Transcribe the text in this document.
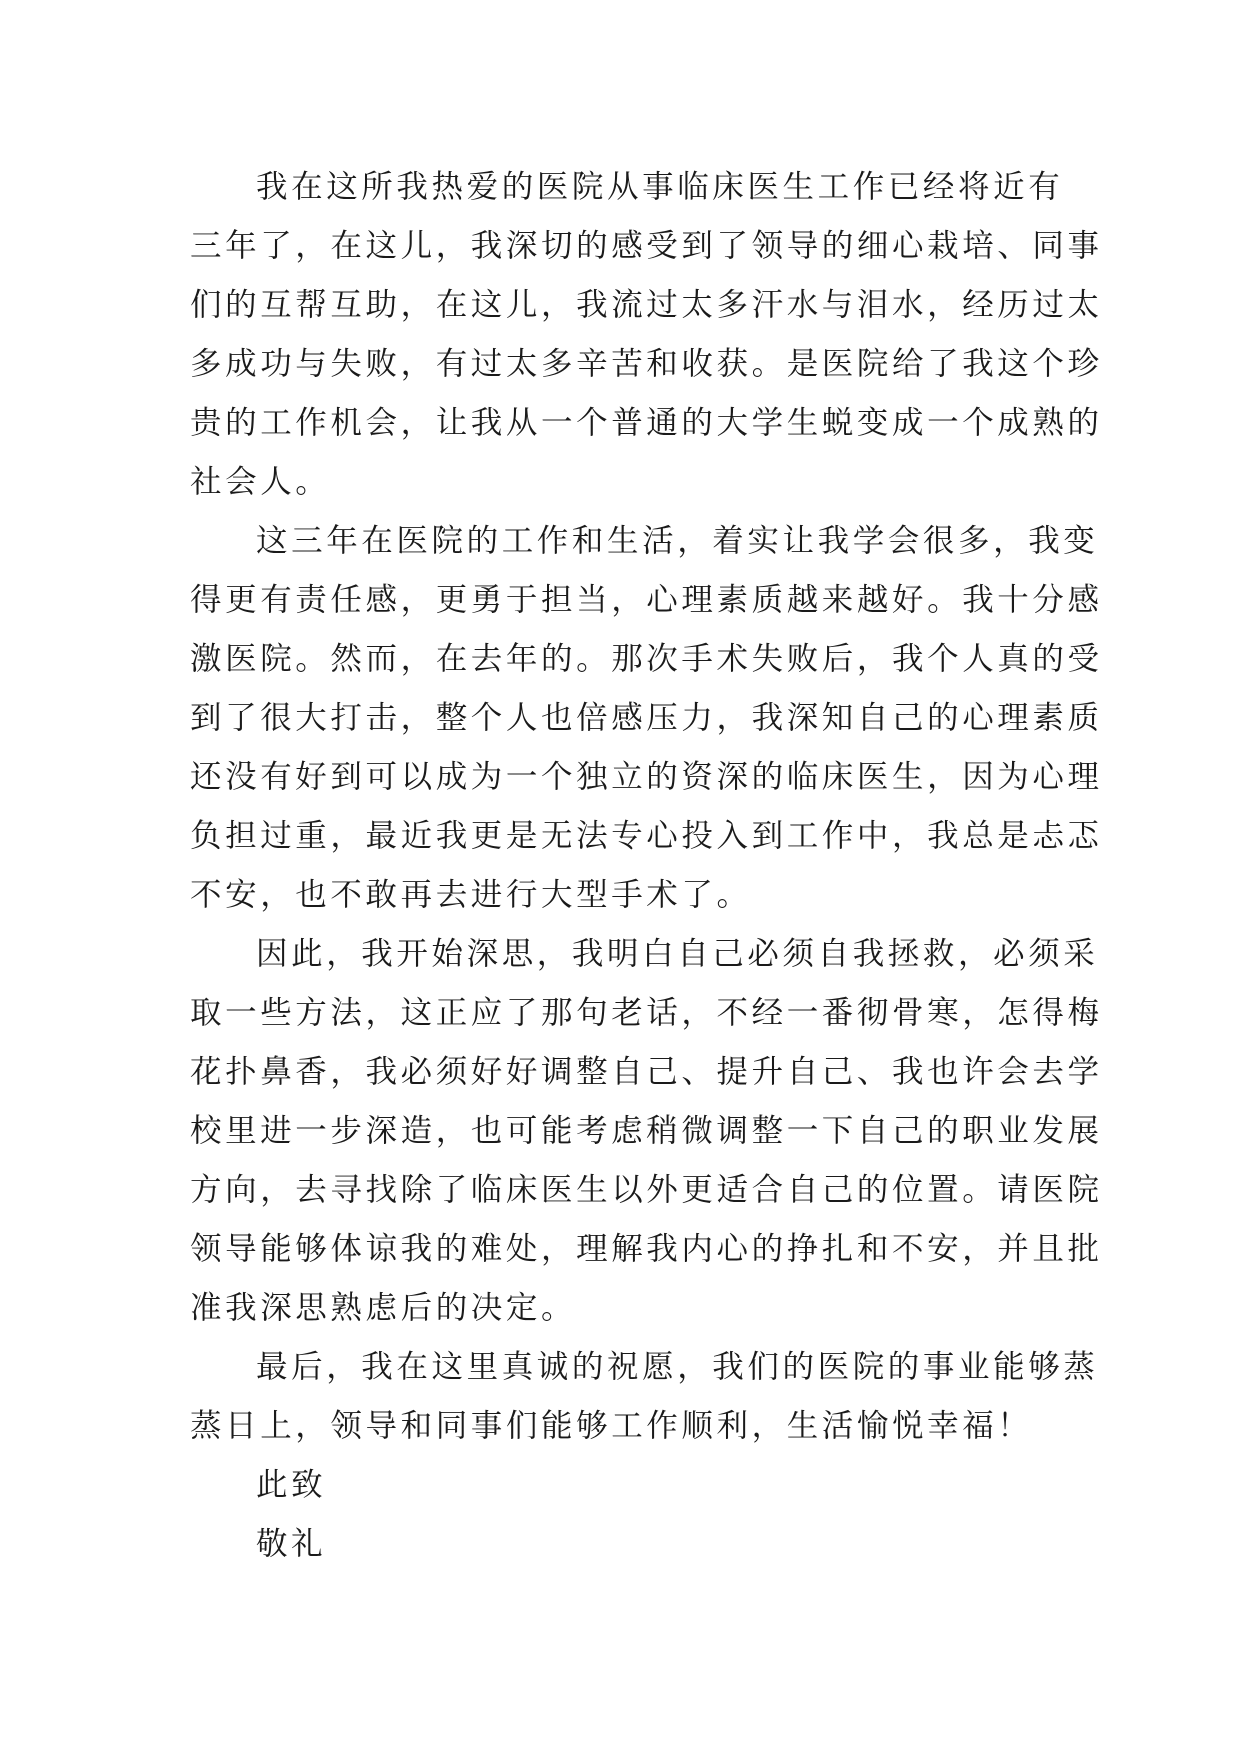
我在这所我热爱的医院从事临床医生工作已经将近有
三年了，在这儿，我深切的感受到了领导的细心栽培、同事
们的互帮互助，在这儿，我流过太多汗水与泪水，经历过太
多成功与失败，有过太多辛苦和收获。是医院给了我这个珍
贵的工作机会，让我从一个普通的大学生蜕变成一个成熟的
社会人。
这三年在医院的工作和生活，着实让我学会很多，我变
得更有责任感，更勇于担当，心理素质越来越好。我十分感
激医院。然而，在去年的。那次手术失败后，我个人真的受
到了很大打击，整个人也倍感压力，我深知自己的心理素质
还没有好到可以成为一个独立的资深的临床医生，因为心理
负担过重，最近我更是无法专心投入到工作中，我总是忐忑
不安，也不敢再去进行大型手术了。
因此，我开始深思，我明白自己必须自我拯救，必须采
取一些方法，这正应了那句老话，不经一番彻骨寒，怎得梅
花扑鼻香，我必须好好调整自己、提升自己、我也许会去学
校里进一步深造，也可能考虑稍微调整一下自己的职业发展
方向，去寻找除了临床医生以外更适合自己的位置。请医院
领导能够体谅我的难处，理解我内心的挣扎和不安，并且批
准我深思熟虑后的决定。
最后，我在这里真诚的祝愿，我们的医院的事业能够蒸
蒸日上，领导和同事们能够工作顺利，生活愉悦幸福！
此致
敬礼
